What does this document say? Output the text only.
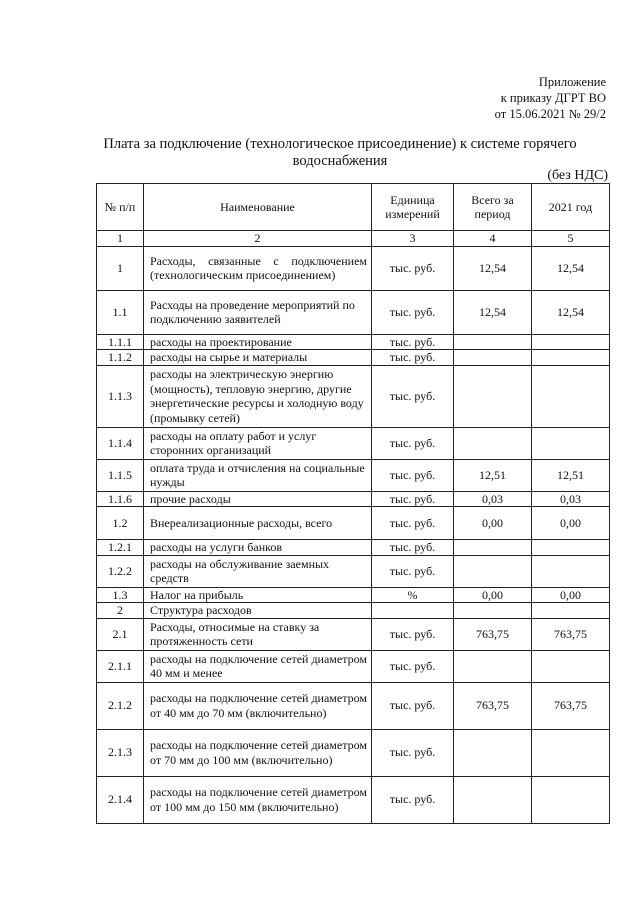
Приложение
к приказу ДГРТ ВО
от 15.06.2021 № 29/2
Плата за подключение (технологическое присоединение) к системе горячего водоснабжения
(без НДС)
№ п/п	Наименование	Единица измерений	Всего за период	2021 год
1	2	3	4	5
1	Расходы, связанные с подключением (технологическим присоединением)	тыс. руб.	12,54	12,54
1.1	Расходы на проведение мероприятий по подключению заявителей	тыс. руб.	12,54	12,54
1.1.1	расходы на проектирование	тыс. руб.		
1.1.2	расходы на сырье и материалы	тыс. руб.		
1.1.3	расходы на электрическую энергию (мощность), тепловую энергию, другие энергетические ресурсы и холодную воду (промывку сетей)	тыс. руб.		
1.1.4	расходы на оплату работ и услуг сторонних организаций	тыс. руб.		
1.1.5	оплата труда и отчисления на социальные нужды	тыс. руб.	12,51	12,51
1.1.6	прочие расходы	тыс. руб.	0,03	0,03
1.2	Внереализационные расходы, всего	тыс. руб.	0,00	0,00
1.2.1	расходы на услуги банков	тыс. руб.		
1.2.2	расходы на обслуживание заемных средств	тыс. руб.		
1.3	Налог на прибыль	%	0,00	0,00
2	Структура расходов			
2.1	Расходы, относимые на ставку за протяженность сети	тыс. руб.	763,75	763,75
2.1.1	расходы на подключение сетей диаметром 40 мм и менее	тыс. руб.		
2.1.2	расходы на подключение сетей диаметром от 40 мм до 70 мм (включительно)	тыс. руб.	763,75	763,75
2.1.3	расходы на подключение сетей диаметром от 70 мм до 100 мм (включительно)	тыс. руб.		
2.1.4	расходы на подключение сетей диаметром от 100 мм до 150 мм (включительно)	тыс. руб.		
